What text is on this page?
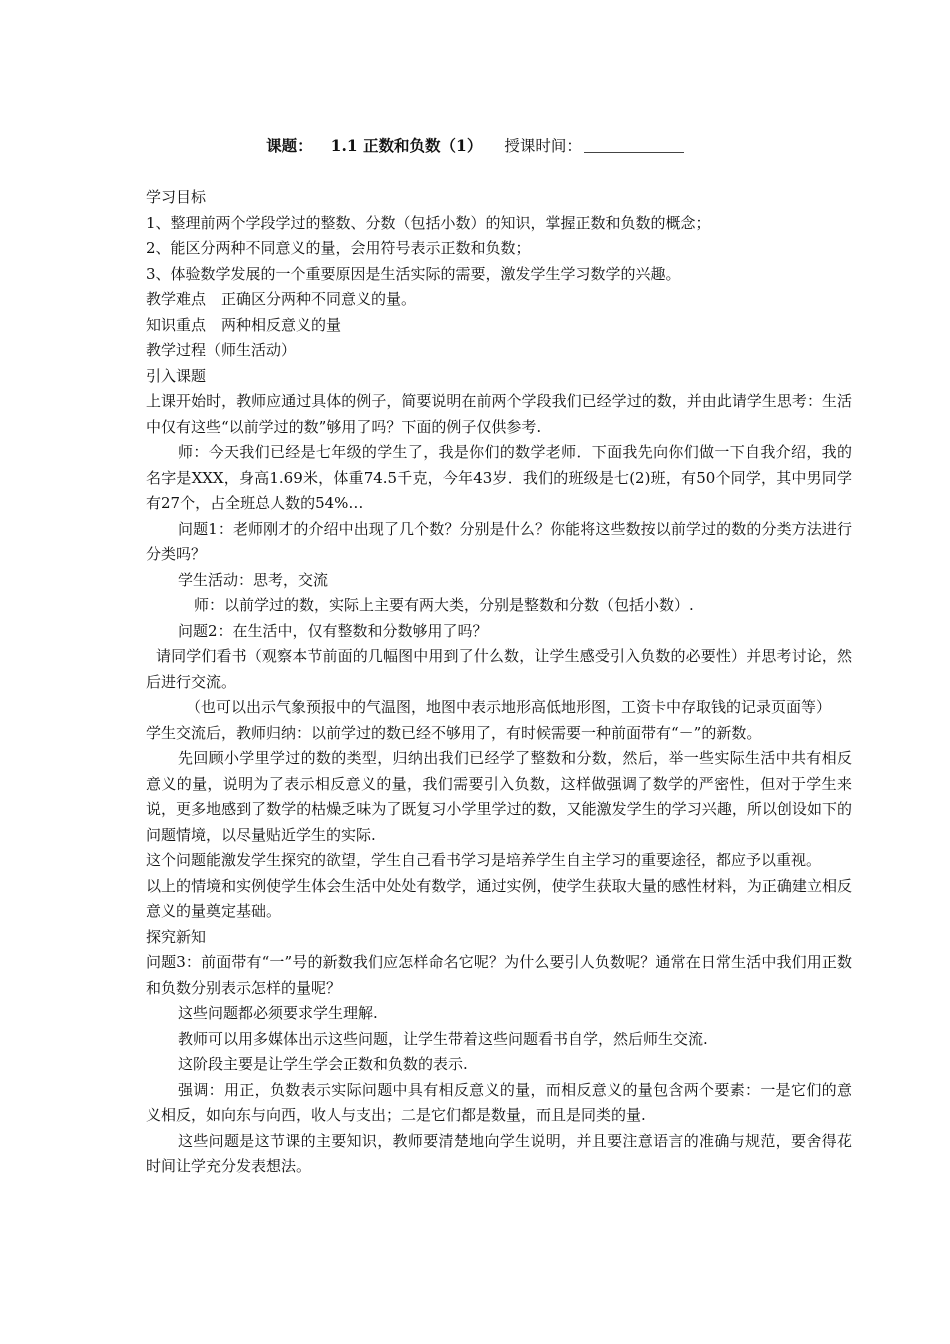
课题： 1.1 正数和负数（1） 授课时间：

学习目标

1、整理前两个学段学过的整数、分数（包括小数）的知识，掌握正数和负数的概念；

2、能区分两种不同意义的量，会用符号表示正数和负数；

3、体验数学发展的一个重要原因是生活实际的需要，激发学生学习数学的兴趣。

教学难点　正确区分两种不同意义的量。

知识重点　两种相反意义的量

教学过程（师生活动）

引入课题

上课开始时，教师应通过具体的例子，简要说明在前两个学段我们已经学过的数，并由此请学生思考：生活中仅有这些“以前学过的数”够用了吗？下面的例子仅供参考.

师：今天我们已经是七年级的学生了，我是你们的数学老师．下面我先向你们做一下自我介绍，我的名字是XXX，身高1.69米，体重74.5千克，今年43岁．我们的班级是七(2)班，有50个同学，其中男同学有27个，占全班总人数的54%…

问题1：老师刚才的介绍中出现了几个数？分别是什么？你能将这些数按以前学过的数的分类方法进行分类吗？

学生活动：思考，交流

师：以前学过的数，实际上主要有两大类，分别是整数和分数（包括小数）.

问题2：在生活中，仅有整数和分数够用了吗？

请同学们看书（观察本节前面的几幅图中用到了什么数，让学生感受引入负数的必要性）并思考讨论，然后进行交流。

（也可以出示气象预报中的气温图，地图中表示地形高低地形图，工资卡中存取钱的记录页面等）

学生交流后，教师归纳：以前学过的数已经不够用了，有时候需要一种前面带有“－”的新数。

先回顾小学里学过的数的类型，归纳出我们已经学了整数和分数，然后，举一些实际生活中共有相反意义的量，说明为了表示相反意义的量，我们需要引入负数，这样做强调了数学的严密性，但对于学生来说，更多地感到了数学的枯燥乏味为了既复习小学里学过的数，又能激发学生的学习兴趣，所以创设如下的问题情境，以尽量贴近学生的实际.

这个问题能激发学生探究的欲望，学生自己看书学习是培养学生自主学习的重要途径，都应予以重视。

以上的情境和实例使学生体会生活中处处有数学，通过实例，使学生获取大量的感性材料，为正确建立相反意义的量奠定基础。

探究新知

问题3：前面带有“一”号的新数我们应怎样命名它呢？为什么要引人负数呢？通常在日常生活中我们用正数和负数分别表示怎样的量呢？

这些问题都必须要求学生理解.

教师可以用多媒体出示这些问题，让学生带着这些问题看书自学，然后师生交流.

这阶段主要是让学生学会正数和负数的表示.

强调：用正，负数表示实际问题中具有相反意义的量，而相反意义的量包含两个要素：一是它们的意义相反，如向东与向西，收人与支出；二是它们都是数量，而且是同类的量.

这些问题是这节课的主要知识，教师要清楚地向学生说明，并且要注意语言的准确与规范，要舍得花时间让学充分发表想法。
